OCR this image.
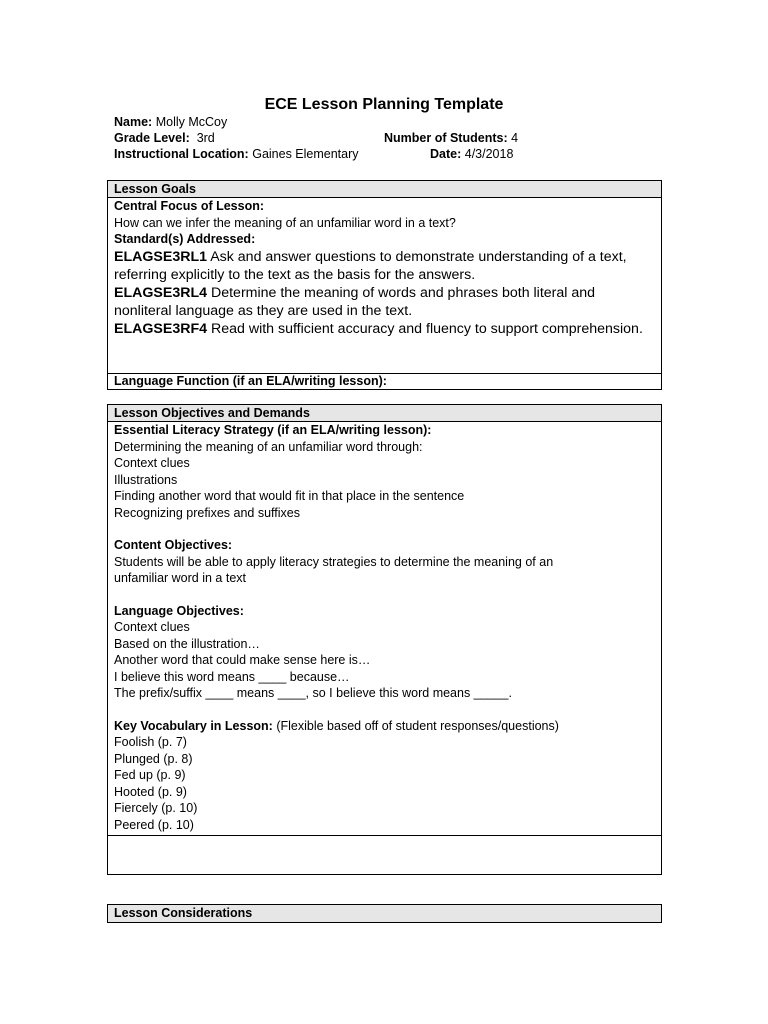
ECE Lesson Planning Template
Name: Molly McCoy
Grade Level: 3rd	Number of Students: 4
Instructional Location: Gaines Elementary	Date: 4/3/2018
Lesson Goals
Central Focus of Lesson:
How can we infer the meaning of an unfamiliar word in a text?
Standard(s) Addressed:
ELAGSE3RL1 Ask and answer questions to demonstrate understanding of a text, referring explicitly to the text as the basis for the answers.
ELAGSE3RL4 Determine the meaning of words and phrases both literal and nonliteral language as they are used in the text.
ELAGSE3RF4 Read with sufficient accuracy and fluency to support comprehension.
Language Function (if an ELA/writing lesson):
Lesson Objectives and Demands
Essential Literacy Strategy (if an ELA/writing lesson):
Determining the meaning of an unfamiliar word through:
Context clues
Illustrations
Finding another word that would fit in that place in the sentence
Recognizing prefixes and suffixes
Content Objectives:
Students will be able to apply literacy strategies to determine the meaning of an
unfamiliar word in a text
Language Objectives:
Context clues
Based on the illustration…
Another word that could make sense here is…
I believe this word means ____ because…
The prefix/suffix ____ means ____, so I believe this word means _____.
Key Vocabulary in Lesson: (Flexible based off of student responses/questions)
Foolish (p. 7)
Plunged (p. 8)
Fed up (p. 9)
Hooted (p. 9)
Fiercely (p. 10)
Peered (p. 10)
Lesson Considerations
